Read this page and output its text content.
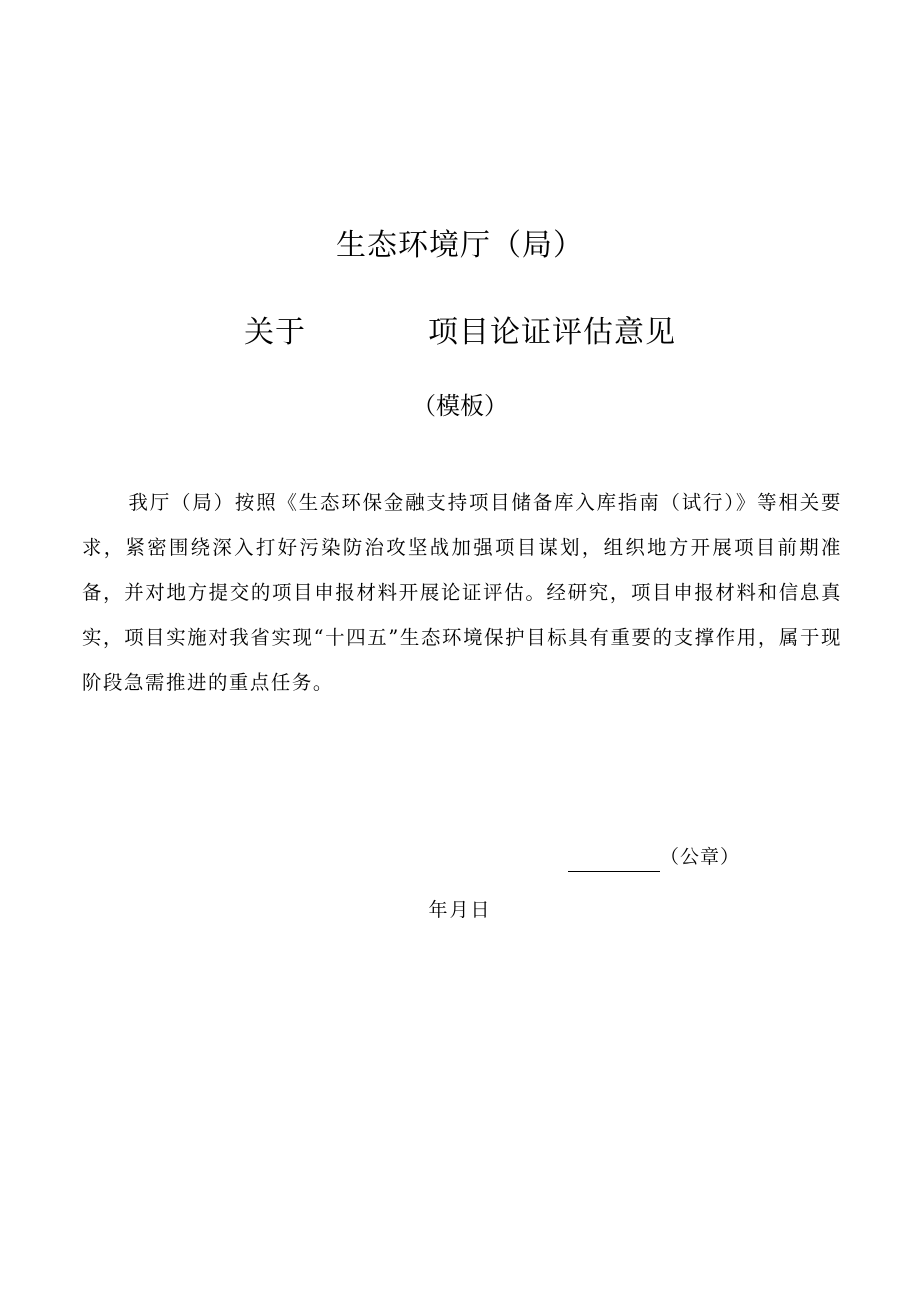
生态环境厅（局）
关于	项目论证评估意见
（模板）

我厅（局）按照《生态环保金融支持项目储备库入库指南（试行）》等相关要求，紧密围绕深入打好污染防治攻坚战加强项目谋划，组织地方开展项目前期准备，并对地方提交的项目申报材料开展论证评估。经研究，项目申报材料和信息真实，项目实施对我省实现“十四五”生态环境保护目标具有重要的支撑作用，属于现阶段急需推进的重点任务。

（公章）
年月日
